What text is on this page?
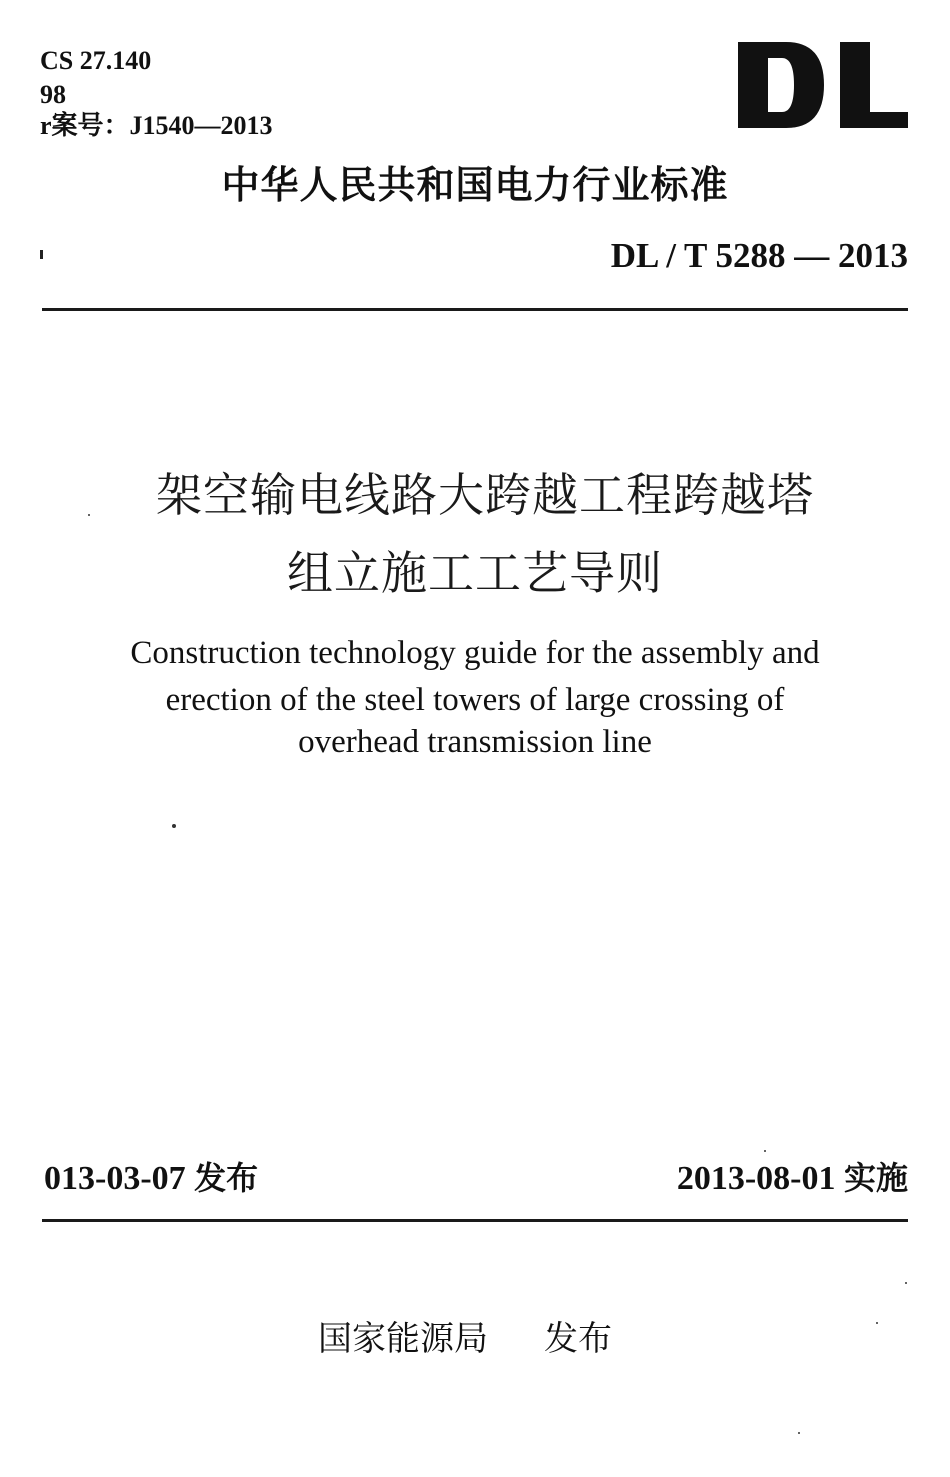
CS 27.140
98
r案号：J1540—2013
中华人民共和国电力行业标准
DL / T 5288 — 2013
架空输电线路大跨越工程跨越塔
组立施工工艺导则
Construction technology guide for the assembly and
erection of the steel towers of large crossing of
overhead transmission line
013-03-07 发布	2013-08-01 实施
国家能源局 发布
